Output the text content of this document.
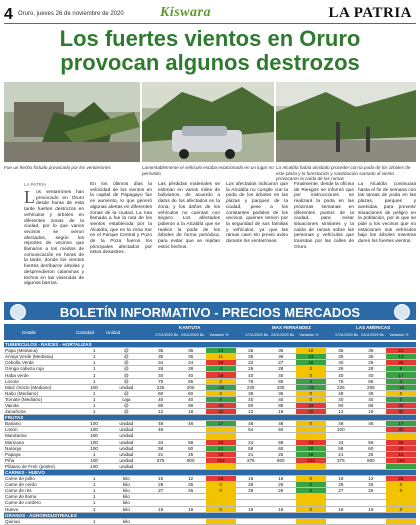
4 Oruro, jueves 26 de noviembre de 2020	Kiswara	LA PATRIA
Los fuertes vientos en Oruro
provocan algunos destrozos
Fue un hecho fortuito provocado por los ventarrones	Lamentablemente el vehículo estaba estacionado en un lugar no permitido
La Alcaldía había olvidado proceder con la poda de los árboles de este plaza y la forestación y sanitización sumado al viento provocaron la caída de las ramas
LA PATRIA
Los ventarrones han provocado en Oruro desde horas de esta tarde fuertes destrozos en vehículos y árboles en diferentes zonas de la ciudad, por lo que varios vecinos se vieron afectados, según los reportes de vecinos que llamaron a los medios de comunicación en horas de la tarde, donde los vientos fuertes derribaron árboles y desprendieron calaminas y techos en las viviendas de algunos barrios.
En los últimos días la velocidad de los vientos en la capital de Papagayo fue en aumento, lo que generó algunas alertas en diferentes zonas de la ciudad. La ruta llamada a fue la ruta de los vientos establecida por la Alcaldía, que en la zona Sur en el Parque Central y Pozo de la Poza fueron los principales afectados por estos desastres.
Las pérdidas materiales se estiman en varios miles de bolivianos, de acuerdo a datos de los afectados en la zona, y los daños de los vehículos no cuentan con seguro. Los afectados pidieron a la Alcaldía que se realice la poda de los árboles de forma periódica, para evitar que se repitan estos hechos.
Los afectados indicaron que la Alcaldía no cumple con la poda de los árboles en las plazas y parques de la ciudad, pese a los constantes pedidos de los vecinos, quienes temen por la seguridad de sus familias y vehículos, ya que las ramas caen sin previo aviso durante los ventarrones.
Finalmente, desde la oficina de Riesgos se informó que por instrucciones se realizará la poda en las próximas semanas en diferentes puntos de la ciudad, para evitar situaciones similares y la caída de ramas sobre las personas y vehículos que transitan por las calles de Oruro.
La Alcaldía continuará hasta el fin de semana con las tareas de poda en las plazas, parques y avenidas, para prevenir situaciones de peligro en la población, por lo que se pide a los vecinos que no estacionen sus vehículos bajo los árboles mientras duren los fuertes vientos.
BOLETÍN INFORMATIVO - PRECIOS MERCADOS
Detalle	Cantidad	Unidad
KANTUTA	MAX FERNÁNDEZ	LAS AMÉRICAS
17/11/2020 Bs. 24/11/2020 Bs.	Variación %	17/11/2020 Bs. 24/11/2020 Bs.	Variación %	17/11/2020 Bs. 24/11/2020 Bs.	Variación %
TUBÉRCULOS - RAÍCES - HORTALIZAS											
Papa (Mediana)	1	@	35	36	14	35	36	10	35	36	21
Arveja Verde (Mediana)	1	@	35	36	11	35	36	13	35	36	13
Cebolla Verde	1	@	34	24	25	32	27	16	40	26	25
Gringa cabeza roja	1	@	26	28	-3	26	28	3	26	28	8
Haba verde	1	@	34	40	18	40	40	0	40	40	17
Locoto	1	@	75	65	3	75	65	3	75	65	3
Maíz choclo (Mediano)	100	unidad	225	205	-15	225	205	-15	225	205	-15
Nabo (Mediano)	1	@	60	60	3	36	36	0	48	48	0
Tomate (Mediano)	1	caja	40	40	8	40	40	0	40	40	0
Vainita	1	@	80	86	33	80	86	33	80	86	33
Zanahoria	1	@	12	18	32	12	18	32	12	18	32
FRUTAS											
Banano	100	unidad	48	48	17	48	48	0	48	48	17
Limón	100	unidad	46			54	50		100		32
Mandarina	100	unidad									
Manzana	100	unidad	34	56	33	34	56	33	34	56	28
Naranja	100	unidad	58	60	21	58	60	20	58	60	20
Papaya	1	unidad	21	25	16	21	25	16	21	25	16
Piña	100	unidad	375	900	153	375	900	153	375	900	153
Plátano de Freír (postre)	100	unidad									
CARNES - HUEVO											
Carne de pollo	1	kilo	15	12	25	16	16	0	16	12	25
Carne de cerdo	1	kilo	28	26	0	28	26	0	28	26	0
Carne de res	1	kilo	27	26	0	28	26	0	27	26	0
Carne de llama	1	kilo									
Carne de cordero	1	kilo									
Huevo	1	kilo	19	19	0	19	19	0	19	19	0
GRANOS - AGROINDUSTRIALES											
Quinua	1	kilo									
